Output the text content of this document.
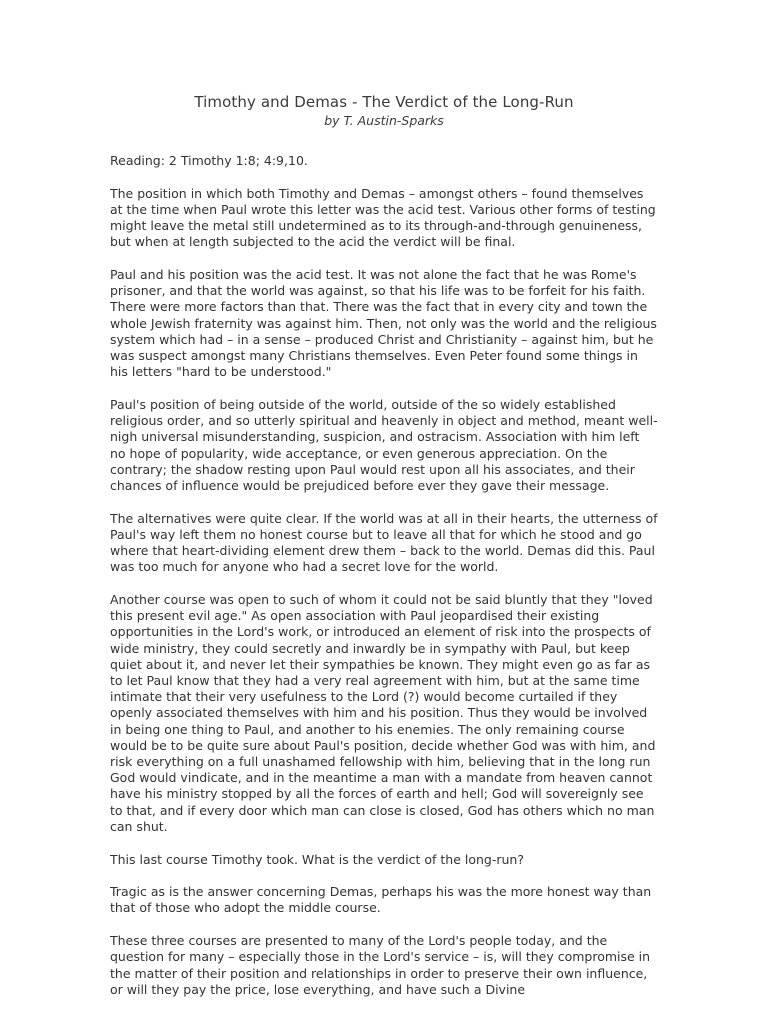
Timothy and Demas - The Verdict of the Long-Run
by T. Austin-Sparks

Reading: 2 Timothy 1:8; 4:9,10.

The position in which both Timothy and Demas – amongst others – found themselves at the time when Paul wrote this letter was the acid test. Various other forms of testing might leave the metal still undetermined as to its through-and-through genuineness, but when at length subjected to the acid the verdict will be final.

Paul and his position was the acid test. It was not alone the fact that he was Rome's prisoner, and that the world was against, so that his life was to be forfeit for his faith. There were more factors than that. There was the fact that in every city and town the whole Jewish fraternity was against him. Then, not only was the world and the religious system which had – in a sense – produced Christ and Christianity – against him, but he was suspect amongst many Christians themselves. Even Peter found some things in his letters "hard to be understood."

Paul's position of being outside of the world, outside of the so widely established religious order, and so utterly spiritual and heavenly in object and method, meant well-nigh universal misunderstanding, suspicion, and ostracism. Association with him left no hope of popularity, wide acceptance, or even generous appreciation. On the contrary; the shadow resting upon Paul would rest upon all his associates, and their chances of influence would be prejudiced before ever they gave their message.

The alternatives were quite clear. If the world was at all in their hearts, the utterness of Paul's way left them no honest course but to leave all that for which he stood and go where that heart-dividing element drew them – back to the world. Demas did this. Paul was too much for anyone who had a secret love for the world.

Another course was open to such of whom it could not be said bluntly that they "loved this present evil age." As open association with Paul jeopardised their existing opportunities in the Lord's work, or introduced an element of risk into the prospects of wide ministry, they could secretly and inwardly be in sympathy with Paul, but keep quiet about it, and never let their sympathies be known. They might even go as far as to let Paul know that they had a very real agreement with him, but at the same time intimate that their very usefulness to the Lord (?) would become curtailed if they openly associated themselves with him and his position. Thus they would be involved in being one thing to Paul, and another to his enemies. The only remaining course would be to be quite sure about Paul's position, decide whether God was with him, and risk everything on a full unashamed fellowship with him, believing that in the long run God would vindicate, and in the meantime a man with a mandate from heaven cannot have his ministry stopped by all the forces of earth and hell; God will sovereignly see to that, and if every door which man can close is closed, God has others which no man can shut.

This last course Timothy took. What is the verdict of the long-run?

Tragic as is the answer concerning Demas, perhaps his was the more honest way than that of those who adopt the middle course.

These three courses are presented to many of the Lord's people today, and the question for many – especially those in the Lord's service – is, will they compromise in the matter of their position and relationships in order to preserve their own influence, or will they pay the price, lose everything, and have such a Divine
